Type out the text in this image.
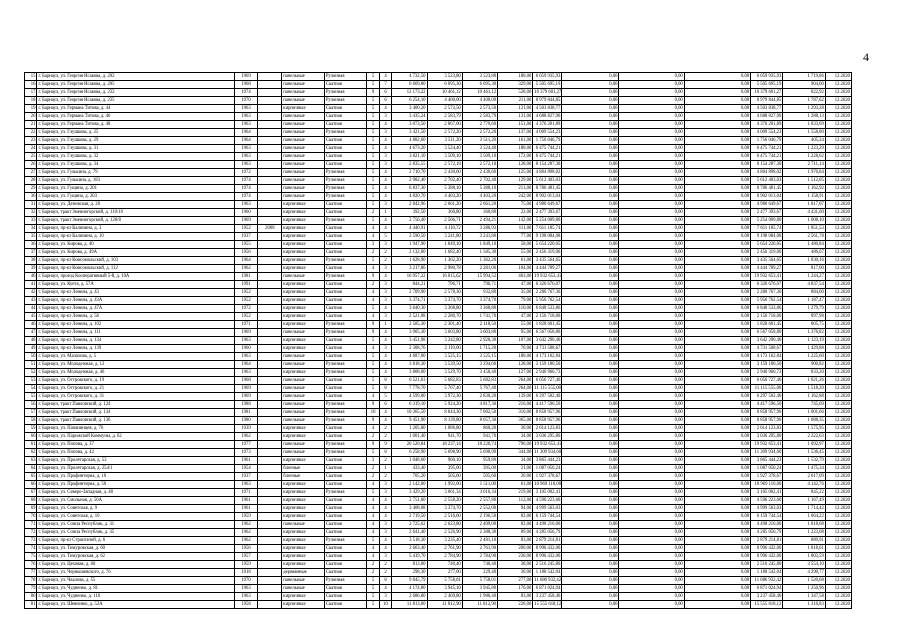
4
15	г. Барнаул, ул. Георгия Исакова, д. 202	1969		панельные	Рулонная	5	4	4 732,50	3 523,80	3 523,80	180,00	6 059 935,93	0,00	0,00	0,00	6 059 935,93	1 719,86	12.2020
16	г. Барнаул, ул. Георгия Исакова, д. 205	1968		панельные	Скатная	5	7	6 669,80	6 095,30	6 095,30	329,00	5 505 695,19	0,00	0,00	0,00	5 505 695,19	904,60	12.2020
17	г. Барнаул, ул. Георгия Исакова, д. 232	1974		панельные	Рулонная	9	6	12 173,22	10 461,12	10 461,12	528,00	10 379 601,27	0,00	0,00	0,00	10 379 601,27	822,92	12.2020
18	г. Барнаул, ул. Георгия Исакова, д. 235	1970		панельные	Рулонная	5	6	6 254,10	4 400,00	4 400,00	211,00	8 979 844,85	0,00	0,00	0,00	8 979 844,85	1 787,62	12.2020
19	г. Барнаул, ул. Германа Титова, д. 44	1963		кирпичные	Скатная	5	4	3 400,20	2 573,50	2 573,50	121,00	4 503 838,77	0,00	0,00	0,00	4 503 838,77	1 293,28	12.2020
20	г. Барнаул, ул. Германа Титова, д. 46	1963		панельные	Скатная	5	3	3 435,24	2 583,79	2 583,79	131,00	4 688 827,90	0,00	0,00	0,00	4 688 827,90	1 288,13	12.2020
21	г. Барнаул, ул. Германа Титова, д. 48	1963		панельные	Скатная	5	4	3 073,50	2 867,00	2 779,60	151,00	4 376 201,89	0,00	0,00	0,00	4 376 201,89	1 833,69	12.2020
22	г. Барнаул, ул. Глушкова, д. 25	1964		панельные	Рулонная	5	3	3 421,50	2 572,20	2 572,20	137,00	4 009 554,23	0,00	0,00	0,00	4 009 554,23	1 558,80	12.2020
23	г. Барнаул, ул. Глушкова, д. 29	1964		панельные	Скатная	5	4	4 882,60	3 511,20	3 511,20	161,00	1 756 046,79	0,00	0,00	0,00	1 756 046,79	405,24	12.2020
24	г. Барнаул, ул. Глушкова, д. 31	1963		панельные	Скатная	5	4	4 673,20	3 524,40	3 524,40	180,00	6 475 744,21	0,00	0,00	0,00	6 475 744,21	1 223,29	12.2020
25	г. Барнаул, ул. Глушкова, д. 32	1963		панельные	Скатная	5	3	3 821,10	3 509,10	3 509,10	172,00	6 475 744,21	0,00	0,00	0,00	6 475 744,21	1 228,62	12.2020
26	г. Барнаул, ул. Глушкова, д. 34	1963		панельные	Скатная	5	3	2 835,55	2 572,18	2 572,18	128,00	8 154 287,30	0,00	0,00	0,00	8 154 287,30	2 711,14	12.2020
27	г. Барнаул, ул. Гулькина, д. 79	1972		панельные	Рулонная	5	4	2 710,70	2 430,60	2 430,60	125,00	4 804 898,02	0,00	0,00	0,00	4 804 898,02	1 976,84	12.2020
28	г. Барнаул, ул. Гулькина, д. 183	1974		панельные	Рулонная	5	4	2 982,40	2 702,40	2 702,40	129,00	5 612 403,03	0,00	0,00	0,00	5 612 403,03	1 512,05	12.2020
29	г. Барнаул, ул. Гущина, д. 201	1974		панельные	Рулонная	5	4	6 837,30	5 388,10	5 388,10	213,00	8 786 481,45	0,00	0,00	0,00	8 786 481,45	1 162,92	12.2020
30	г. Барнаул, ул. Гущина, д. 203	1974		панельные	Рулонная	5	4	4 820,70	4 403,20	4 403,20	242,00	8 902 013,04	0,00	0,00	0,00	8 902 013,04	1 158,91	12.2020
31	г. Барнаул, ул. Деповская, д. 28	1963		кирпичные	Скатная	5	3	2 842,96	2 661,20	2 661,20	75,00	4 980 649,67	0,00	0,00	0,00	4 980 649,67	1 817,07	12.2020
32	г. Барнаул, тракт Змеиногорский, д. 110/10	1960		кирпичные	Скатная	2	1	392,50	360,80	360,80	22,00	2 477 393,67	0,00	0,00	0,00	2 477 393,67	4 431,60	12.2020
33	г. Барнаул, тракт Змеиногорский, д. 120/8	1969		кирпичные	Рулонная	5	4	2 756,40	2 566,71	2 494,21	142,00	5 254 009,80	0,00	0,00	0,00	5 254 009,80	1 008,10	12.2020
34	г. Барнаул, пр-кт Калинина, д. 3	1952	2008	кирпичные	Скатная	4	4	4 440,91	4 110,72	3 286,93	111,00	7 611 185,74	0,00	0,00	0,00	7 611 185,74	1 851,53	12.2020
35	г. Барнаул, пр-кт Калинина, д. 10	1937		кирпичные	Скатная	4	5	3 590,50	3 241,80	3 241,80	77,00	9 198 084,08	0,00	0,00	0,00	9 198 084,08	2 561,78	12.2020
36	г. Барнаул, ул. Кирова, д. 40	1955		кирпичные	Скатная	3	3	1 947,90	1 849,10	1 849,10	58,00	5 654 220,05	0,00	0,00	0,00	5 654 220,05	1 480,84	12.2020
37	г. Барнаул, ул. Кирова, д. 49А	1956		кирпичные	Скатная	2	2	2 132,80	1 682,40	1 585,30	55,00	2 456 319,00	0,00	0,00	0,00	2 456 319,00	486,67	12.2020
38	г. Барнаул, пр-кт Комсомольский, д. 103	1964		кирпичные	Рулонная	5	2	1 628,90	1 362,20	1 362,20	61,00	3 435 564,65	0,00	0,00	0,00	3 435 564,65	1 830,16	12.2020
39	г. Барнаул, пр-кт Комсомольский, д. 112	1962		кирпичные	Скатная	4	3	3 217,86	2 980,78	2 281,06	104,00	4 444 789,27	0,00	0,00	0,00	4 444 789,27	817,00	12.2020
40	г. Барнаул, проезд Кооперативный 5-й, д. 10А	1981		панельные	Рулонная	9	4	16 957,22	16 015,62	15 994,52	463,00	19 932 653,41	0,00	0,00	0,00	19 932 653,41	1 244,27	12.2020
41	г. Барнаул, ул. Куета, д. 57А	1991		кирпичные	Скатная	2	3	844,21	796,71	796,71	47,00	6 326 676,07	0,00	0,00	0,00	6 326 676,07	4 837,54	12.2020
42	г. Барнаул, пр-кт Ленина, д. 43	1952		кирпичные	Скатная	4	3	2 709,90	2 578,30	932,80	35,00	2 280 767,36	0,00	0,00	0,00	2 280 767,36	884,60	12.2020
43	г. Барнаул, пр-кт Ленина, д. 43А	1952		кирпичные	Скатная	4	3	3 374,71	3 374,70	3 374,70	79,00	5 956 762,54	0,00	0,00	0,00	5 956 762,54	1 187,47	12.2020
44	г. Барнаул, пр-кт Ленина, д. 47А	1972		кирпичные	Скатная	5	4	3 640,30	3 368,80	3 368,80	110,00	6 848 533,86	0,00	0,00	0,00	6 848 533,86	1 279,79	12.2020
45	г. Барнаул, пр-кт Ленина, д. 58	1952		кирпичные	Скатная	4	3	2 521,08	2 280,70	1 741,70	47,00	2 156 718,00	0,00	0,00	0,00	2 156 718,00	897,98	12.2020
46	г. Барнаул, пр-кт Ленина, д. 102	1971		кирпичные	Рулонная	9	1	2 585,30	2 301,40	2 118,50	55,00	1 828 601,45	0,00	0,00	0,00	1 828 601,45	805,75	12.2020
47	г. Барнаул, пр-кт Ленина, д. 111	1969		панельные	Рулонная	9	4	3 905,30	3 603,80	3 603,80	95,00	6 567 058,80	0,00	0,00	0,00	6 567 058,80	1 376,82	12.2020
48	г. Барнаул, пр-кт Ленина, д. 134	1963		кирпичные	Скатная	5	4	3 451,98	3 242,80	2 920,30	107,00	3 642 290,40	0,00	0,00	0,00	3 642 290,40	1 123,19	12.2020
49	г. Барнаул, пр-кт Ленина, д. 139	1960		кирпичные	Скатная	4	3	2 308,76	2 119,00	1 715,20	70,00	4 731 508,67	0,00	0,00	0,00	4 731 508,67	1 429,88	12.2020
50	г. Барнаул, ул. Малахова, д. 5	1963		панельные	Скатная	5	4	4 687,00	3 525,15	3 525,15	180,00	4 173 162,84	0,00	0,00	0,00	4 173 162,84	1 225,60	12.2020
51	г. Барнаул, ул. Молодежная, д. 12	1964		панельные	Рулонная	5	4	3 818,30	3 539,50	3 294,60	128,00	3 159 180,50	0,00	0,00	0,00	3 159 180,50	900,82	12.2020
52	г. Барнаул, ул. Молодежная, д. 46	1963		кирпичные	Рулонная	5	4	3 808,00	3 529,70	3 458,40	127,00	2 940 960,73	0,00	0,00	0,00	2 940 960,73	833,20	12.2020
53	г. Барнаул, ул. Островского, д. 19	1968		панельные	Скатная	5	8	6 521,63	5 682,83	5 682,83	264,00	6 056 727,46	0,00	0,00	0,00	6 056 727,46	1 021,26	12.2020
54	г. Барнаул, ул. Островского, д. 21	1969		панельные	Скатная	5	8	7 778,70	5 767,40	5 767,40	264,00	11 115 555,08	0,00	0,00	0,00	11 115 555,08	1 518,20	12.2020
55	г. Барнаул, ул. Островского, д. 31	1969		панельные	Скатная	4	5	4 599,80	3 972,30	2 830,20	139,00	6 297 502,40	0,00	0,00	0,00	6 297 502,40	1 162,88	12.2020
56	г. Барнаул, тракт Павловский, д. 124	1988		панельные	Рулонная	9	6	6 319,10	5 924,20	4 817,30	216,00	4 417 596,50	0,00	0,00	0,00	4 417 596,50	745,69	12.2020
57	г. Барнаул, тракт Павловский, д. 134	1981		панельные	Рулонная	10	4	10 365,50	8 844,30	7 002,50	310,00	8 858 957,96	0,00	0,00	0,00	8 858 957,96	1 001,66	12.2020
58	г. Барнаул, тракт Павловский, д. 136	1980		панельные	Рулонная	9	4	9 451,90	8 139,80	8 057,30	365,00	8 858 957,96	0,00	0,00	0,00	8 858 957,96	1 088,35	12.2020
59	г. Барнаул, ул. Папанинцев, д. 76	1939		кирпичные	Скатная	4	2	1 205,80	1 086,80	860,20	30,00	2 614 123,83	0,00	0,00	0,00	2 614 123,83	1 575,95	12.2020
60	г. Барнаул, ул. Парижской Коммуны, д. 62	1962		кирпичные	Скатная	2	2	1 001,40	941,70	941,70	34,00	3 036 295,80	0,00	0,00	0,00	3 036 295,80	2 222,03	12.2020
61	г. Барнаул, ул. Попова, д. 37	1977		панельные	Рулонная	9	9	20 520,84	18 237,14	18 220,74	796,00	19 932 653,41	0,00	0,00	0,00	19 932 653,41	1 092,97	12.2020
62	г. Барнаул, ул. Попова, д. 42	1973		панельные	Рулонная	5	8	6 258,90	5 698,90	5 698,90	344,00	11 309 934,60	0,00	0,00	0,00	11 309 934,60	1 536,45	12.2020
63	г. Барнаул, ул. Пролетарская, д. 53	1961		кирпичные	Скатная	3	2	1 048,60	960,10	959,80	34,00	3 865 444,23	0,00	0,00	0,00	3 865 444,23	1 532,79	12.2020
64	г. Барнаул, ул. Пролетарская, д. 254/1	1954		блочные	Скатная	2	1	433,40	395,00	395,00	21,00	1 087 050,24	0,00	0,00	0,00	1 087 050,24	1 475,34	12.2020
65	г. Барнаул, ул. Профинтерна, д. 10	1937		блочные	Скатная	2	2	705,20	505,60	505,60	20,00	1 927 378,67	0,00	0,00	0,00	1 927 378,67	2 017,09	12.2020
66	г. Барнаул, ул. Профинтерна, д. 50	1963		кирпичные	Скатная	4	3	2 142,00	1 992,00	1 511,00	61,00	10 969 110,00	0,00	0,00	0,00	10 969 110,00	4 142,76	12.2020
67	г. Барнаул, ул. Северо-Западная, д. 48	1971		кирпичные	Рулонная	5	3	3 429,20	3 061,34	3 016,34	219,00	3 105 002,41	0,00	0,00	0,00	3 105 002,41	845,22	12.2020
68	г. Барнаул, ул. Смольная, д. 50А	1961		кирпичные	Скатная	4	4	2 751,80	2 558,20	2 557,80	112,00	4 596 223,60	0,00	0,00	0,00	4 596 223,60	1 167,49	12.2020
69	г. Барнаул, ул. Советская, д. 9	1961		кирпичные	Скатная	4	4	3 408,08	3 374,70	2 552,00	94,00	4 999 563,03	0,00	0,00	0,00	4 999 563,03	1 714,42	12.2020
70	г. Барнаул, ул. Советская, д. 10	1959		кирпичные	Скатная	4	4	2 719,50	2 516,60	2 196,50	82,00	6 159 744,54	0,00	0,00	0,00	6 159 744,54	1 664,22	12.2020
71	г. Барнаул, ул. Союза Республик, д. 31	1962		панельные	Скатная	4	3	2 725,62	2 623,80	2 409,00	82,00	4 498 216,00	0,00	0,00	0,00	4 498 216,00	1 818,68	12.2020
72	г. Барнаул, ул. Союза Республик, д. 35	1962		кирпичные	Скатная	4	3	2 641,40	2 526,90	2 388,30	89,00	4 285 056,79	0,00	0,00	0,00	4 285 056,79	1 223,08	12.2020
73	г. Барнаул, пр-кт Строителей, д. 6	1962		кирпичные	Рулонная	5	4	3 518,30	3 235,40	2 481,10	83,00	2 879 214,81	0,00	0,00	0,00	2 879 214,81	889,91	12.2020
74	г. Барнаул, ул. Тимуровская, д. 60	1956		кирпичные	Скатная	4	4	2 663,40	2 761,90	2 761,90	200,00	8 996 432,00	0,00	0,00	0,00	8 996 432,00	1 818,61	12.2020
75	г. Барнаул, ул. Тимуровская, д. 62	1957		кирпичные	Скатная	4	3	5 419,70	2 784,90	2 784,90	230,00	8 996 432,00	0,00	0,00	0,00	8 996 432,00	1 803,59	12.2020
76	г. Барнаул, ул. Цеховая, д. 60	1959		кирпичные	Скатная	2	2	813,00	740,40	740,40	38,00	2 516 245,80	0,00	0,00	0,00	2 516 245,80	3 554,10	12.2020
77	г. Барнаул, ул. Чернышевского, д. 76	1918		деревянные	Скатная	2	2	298,30	277,00	229,40	30,00	1 188 542,04	0,00	0,00	0,00	1 188 542,04	4 290,77	12.2020
78	г. Барнаул, ул. Чкалова, д. 55	1970		панельные	Рулонная	5	8	9 845,79	5 758,01	5 758,01	277,00	11 686 932,42	0,00	0,00	0,00	11 686 932,42	1 520,68	12.2020
79	г. Барнаул, ул. Чудненко, д. 81	1963		панельные	Скатная	5	4	4 174,80	3 945,10	3 945,80	176,00	6 871 024,94	0,00	0,00	0,00	6 871 024,94	1 250,96	12.2020
80	г. Барнаул, ул. Чудненко, д. 116	1963		кирпичные	Скатная	5	3	2 686,80	2 469,80	1 986,40	83,00	3 237 458,40	0,00	0,00	0,00	3 237 458,40	1 347,58	12.2020
81	г. Барнаул, ул. Шевченко, д. 52А	1958		кирпичные	Скатная	5	10	11 813,00	11 812,90	11 812,90	228,00	15 555 618,12	0,00	0,00	0,00	15 555 618,12	1 316,83	12.2020
